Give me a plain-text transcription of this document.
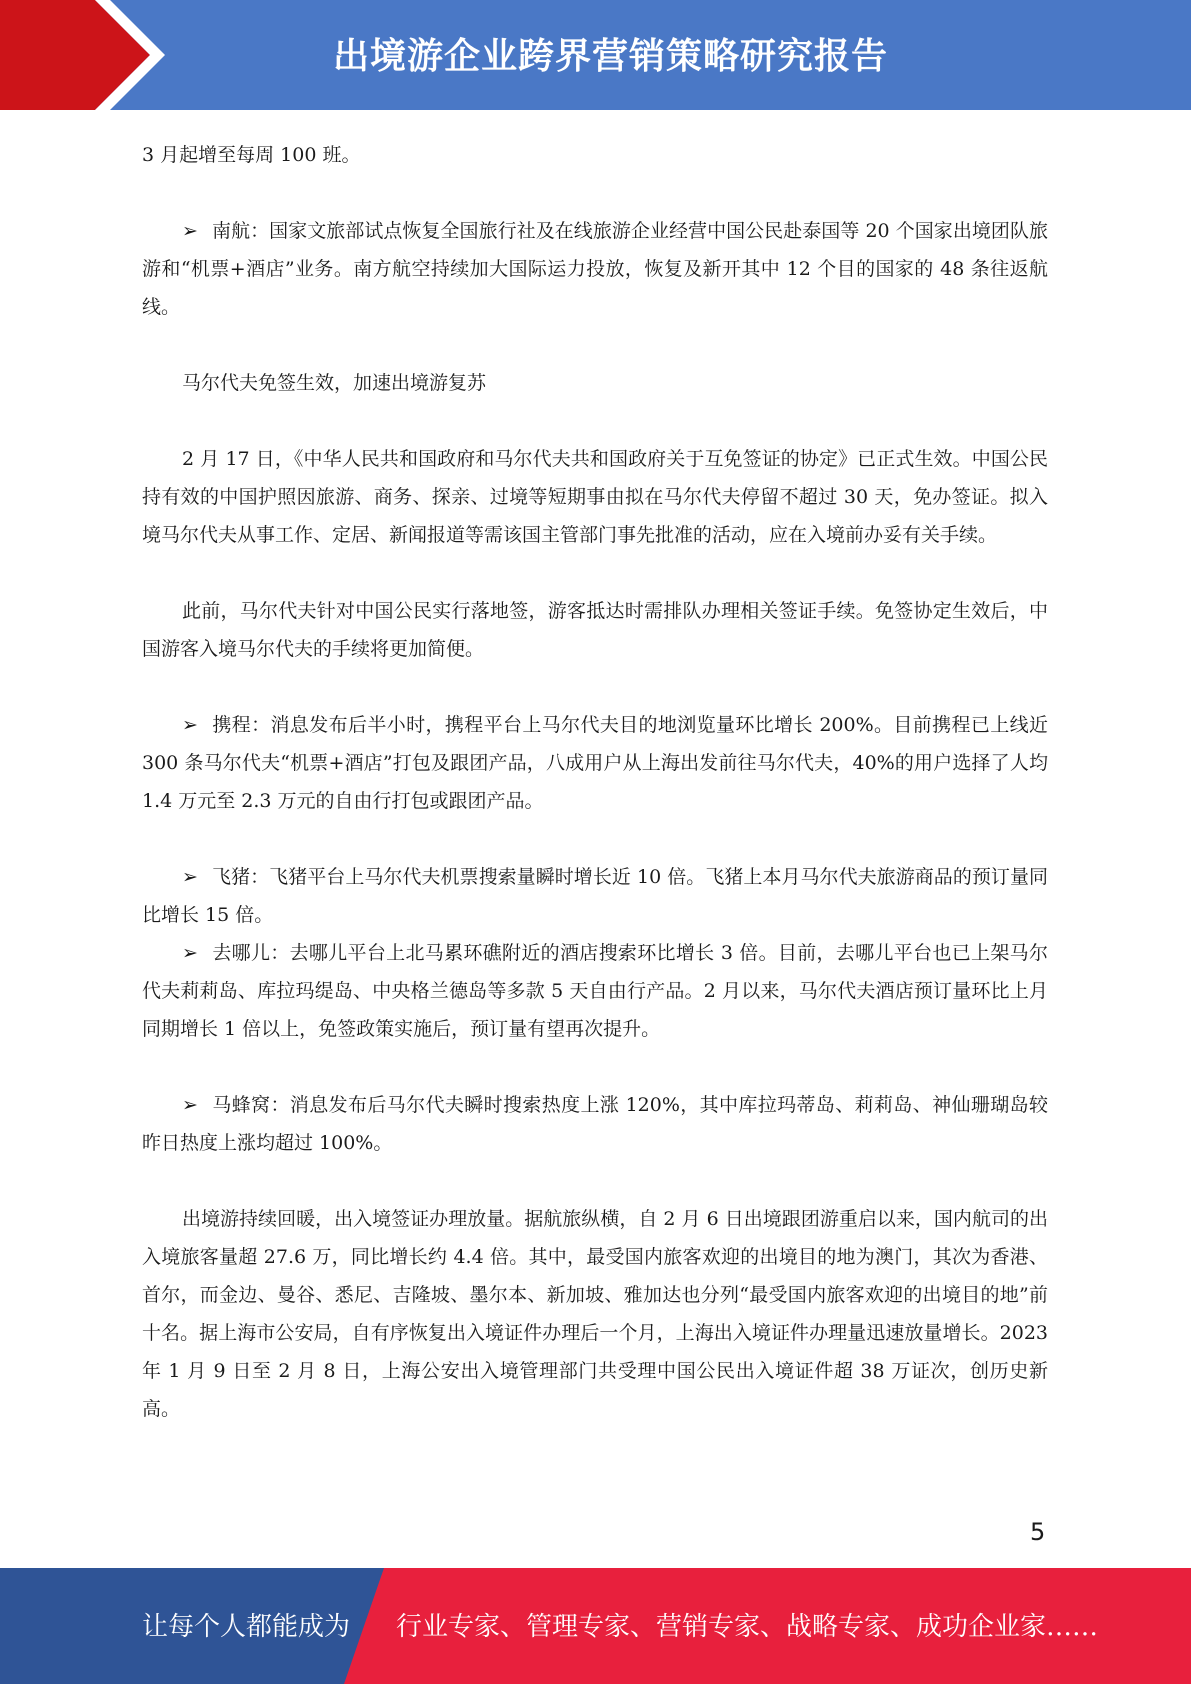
出境游企业跨界营销策略研究报告

3 月起增至每周 100 班。

➢ 南航：国家文旅部试点恢复全国旅行社及在线旅游企业经营中国公民赴泰国等 20 个国家出境团队旅游和“机票+酒店”业务。南方航空持续加大国际运力投放，恢复及新开其中 12 个目的国家的 48 条往返航线。

马尔代夫免签生效，加速出境游复苏

2 月 17 日，《中华人民共和国政府和马尔代夫共和国政府关于互免签证的协定》已正式生效。中国公民持有效的中国护照因旅游、商务、探亲、过境等短期事由拟在马尔代夫停留不超过 30 天，免办签证。拟入境马尔代夫从事工作、定居、新闻报道等需该国主管部门事先批准的活动，应在入境前办妥有关手续。

此前，马尔代夫针对中国公民实行落地签，游客抵达时需排队办理相关签证手续。免签协定生效后，中国游客入境马尔代夫的手续将更加简便。

➢ 携程：消息发布后半小时，携程平台上马尔代夫目的地浏览量环比增长 200%。目前携程已上线近 300 条马尔代夫“机票+酒店”打包及跟团产品，八成用户从上海出发前往马尔代夫，40%的用户选择了人均 1.4 万元至 2.3 万元的自由行打包或跟团产品。

➢ 飞猪：飞猪平台上马尔代夫机票搜索量瞬时增长近 10 倍。飞猪上本月马尔代夫旅游商品的预订量同比增长 15 倍。

➢ 去哪儿：去哪儿平台上北马累环礁附近的酒店搜索环比增长 3 倍。目前，去哪儿平台也已上架马尔代夫莉莉岛、库拉玛缇岛、中央格兰德岛等多款 5 天自由行产品。2 月以来，马尔代夫酒店预订量环比上月同期增长 1 倍以上，免签政策实施后，预订量有望再次提升。

➢ 马蜂窝：消息发布后马尔代夫瞬时搜索热度上涨 120%，其中库拉玛蒂岛、莉莉岛、神仙珊瑚岛较昨日热度上涨均超过 100%。

出境游持续回暖，出入境签证办理放量。据航旅纵横，自 2 月 6 日出境跟团游重启以来，国内航司的出入境旅客量超 27.6 万，同比增长约 4.4 倍。其中，最受国内旅客欢迎的出境目的地为澳门，其次为香港、首尔，而金边、曼谷、悉尼、吉隆坡、墨尔本、新加坡、雅加达也分列“最受国内旅客欢迎的出境目的地”前十名。据上海市公安局，自有序恢复出入境证件办理后一个月，上海出入境证件办理量迅速放量增长。2023 年 1 月 9 日至 2 月 8 日，上海公安出入境管理部门共受理中国公民出入境证件超 38 万证次，创历史新高。

5
让每个人都能成为 行业专家、管理专家、营销专家、战略专家、成功企业家……
